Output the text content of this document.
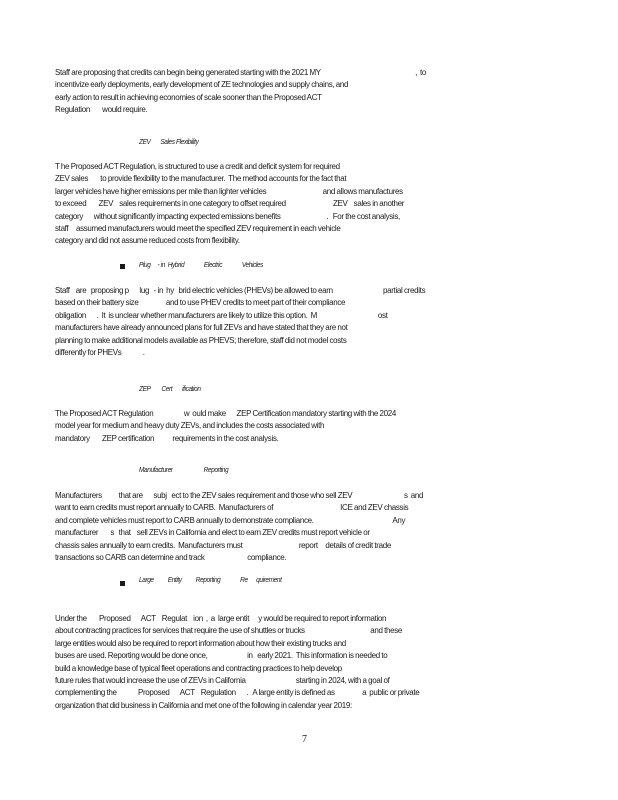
Staff are proposing that credits can begin being generated starting with the 2021 MY                                                              ,  to

incentivize early deployments, early development of ZE technologies and supply chains, and

early action to result in achieving economies of scale sooner than the Proposed ACT

Regulation        would require.

ZEV       Sales Flexibility

T he Proposed ACT Regulation, is structured to use a credit and deficit system for required

ZEV sales        to provide flexibility to the manufacturer.  The method accounts for the fact that

larger vehicles have higher emissions per mile than lighter vehicles                                     and allows manufactures

to exceed        ZEV    sales requirements in one category to offset required                               ZEV    sales in another

category       without significantly impacting expected emissions benefits                              .   For the cost analysis,

staff     assumed manufacturers would meet the specified ZEV requirement in each vehicle

category and did not assume reduced costs from flexibility.

Plug     - in  Hybrid              Electric              Vehicles

Staff    are   proposing p       lug   - in  hy   brid electric vehicles (PHEVs) be allowed to earn                                 partial credits

based on their battery size                  and to use PHEV credits to meet part of their compliance

obligation       .  It  is unclear whether manufacturers are likely to utilize this option.  M                                        ost

manufacturers have already announced plans for full ZEVs and have stated that they are not

planning to make additional models available as PHEVS; therefore, staff did not model costs

differently for PHEVs              .

ZEP        Cert       ification

The Proposed ACT Regulation                    w  ould make       ZEP Certification mandatory starting with the 2024

model year for medium and heavy duty ZEVs, and includes the costs associated with

mandatory        ZEP certification            requirements in the cost analysis.

Manufacturer                      Reporting

Manufacturers           that are       subj   ect to the ZEV sales requirement and those who sell ZEV                                  s  and

want to earn credits must report annually to CARB.  Manufacturers of                                            ICE and ZEV chassis

and complete vehicles must report to CARB annually to demonstrate compliance.                                                    Any

manufacturer        s   that    sell ZEVs in California and elect to earn ZEV credits must report vehicle or

chassis sales annually to earn credits.  Manufacturers must                                     report     details of credit trade

transactions so CARB can determine and track                            compliance.

Large          Entity          Reporting              Re      quirement

Under the        Proposed       ACT    Regulat    ion  ,  a  large entit      y would be required to report information

about contracting practices for services that require the use of shuttles or trucks                                           and these

large entities would also be required to report information about how their existing trucks and

buses are used. Reporting would be done once,                          in   early 2021.  This information is needed to

build a knowledge base of typical fleet operations and contracting practices to help develop

future rules that would increase the use of ZEVs in California                                 starting in 2024, with a goal of

complementing the              Proposed       ACT    Regulation       .   A large entity is defined as                  a  public or private

organization that did business in California and met one of the following in calendar year 2019:

7
